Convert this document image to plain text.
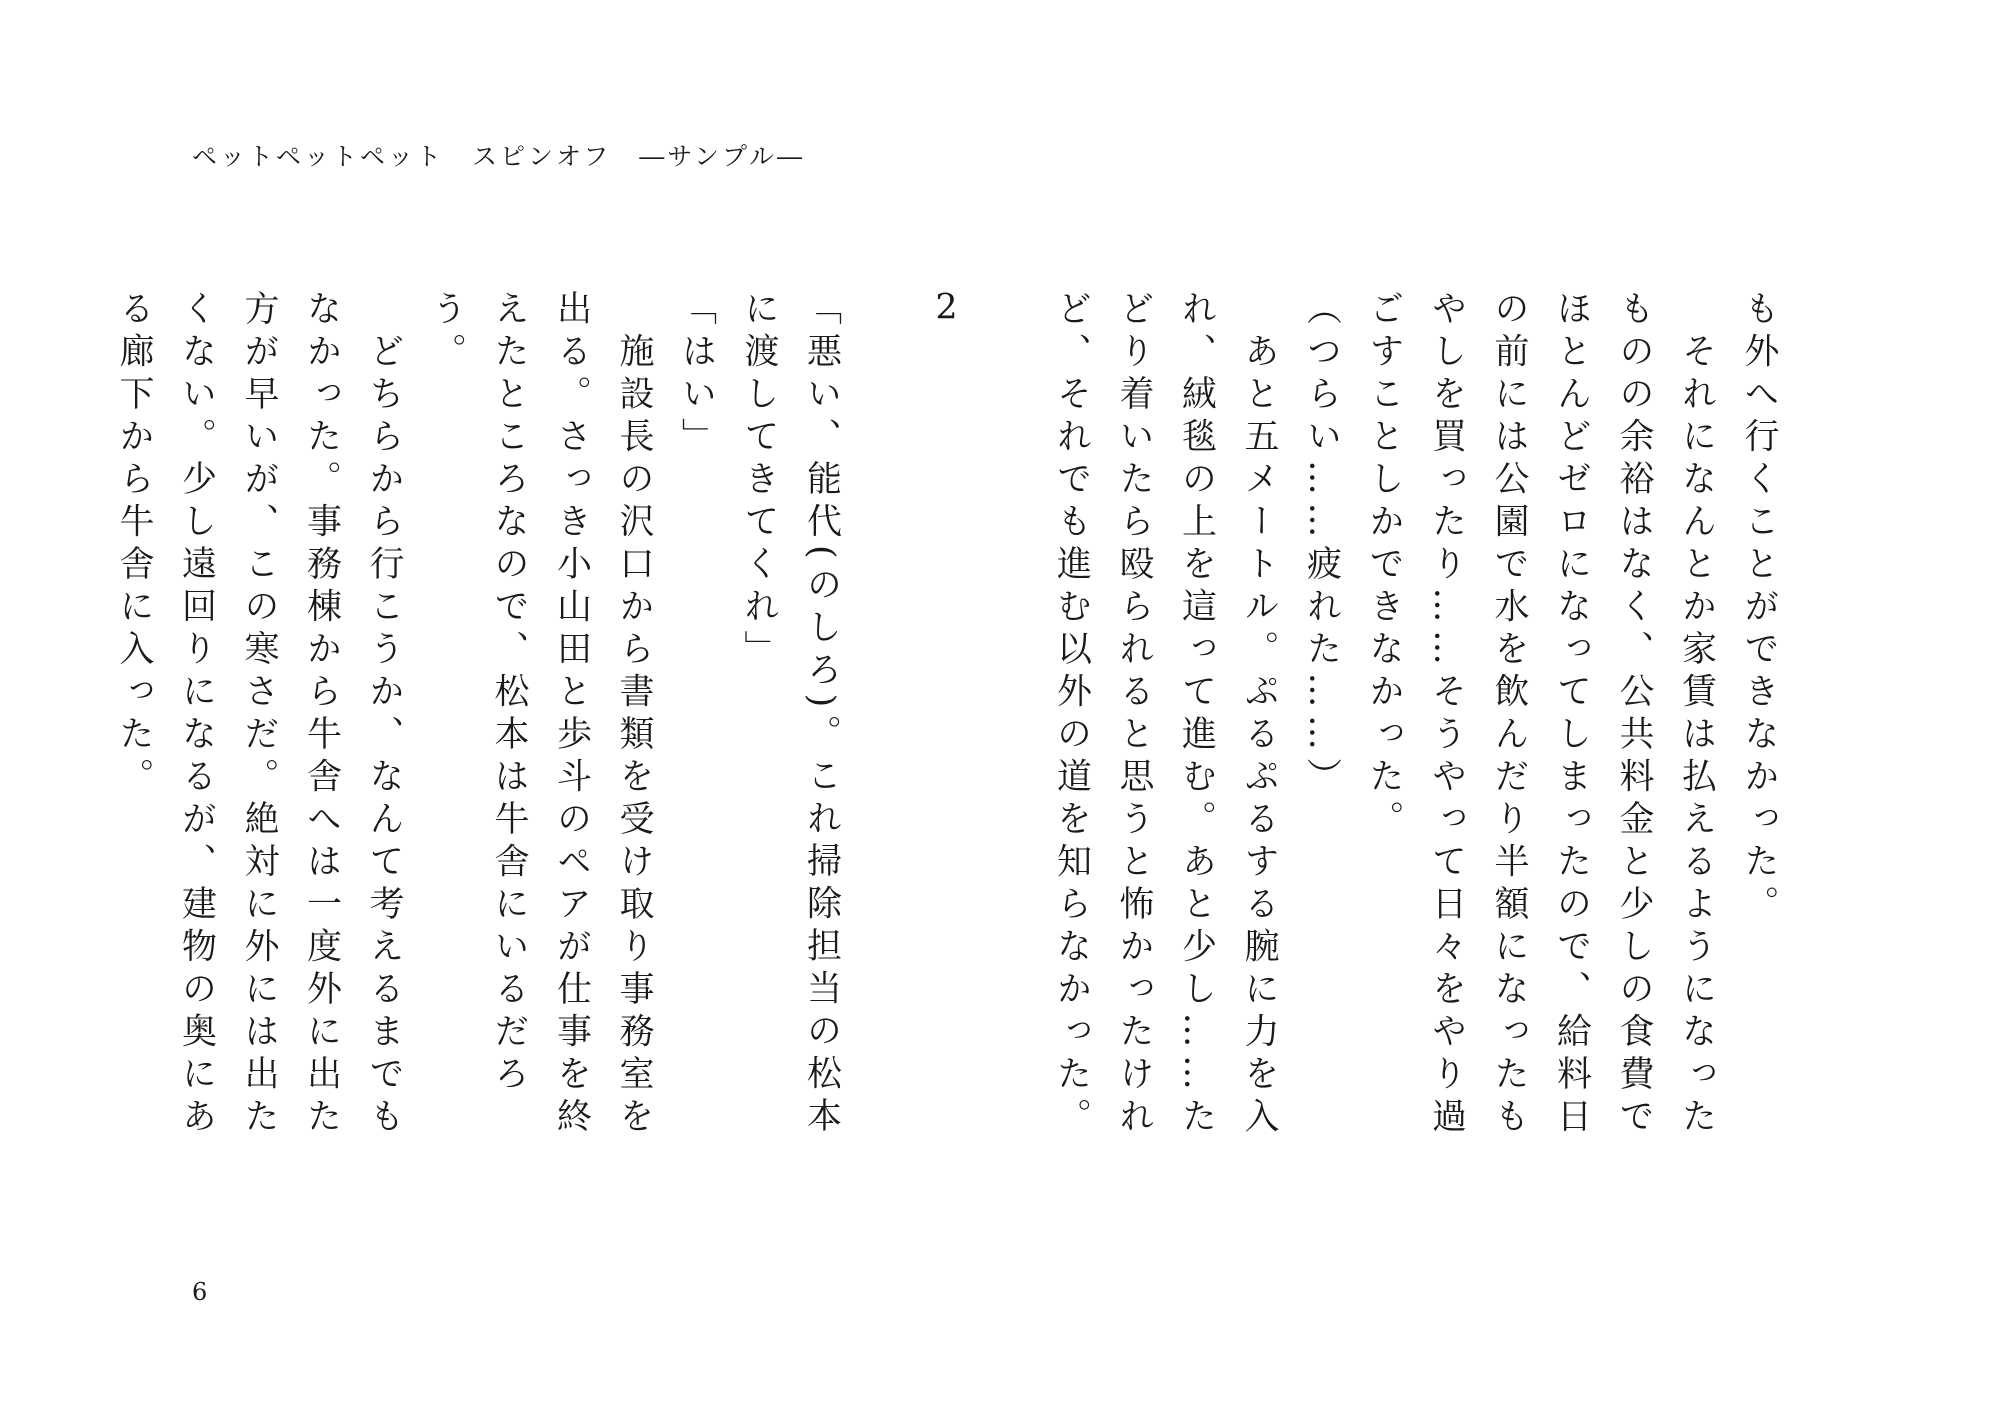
ペットペットペット　スピンオフ　―サンプル―

も外へ行くことができなかった。

　それになんとか家賃は払えるようになったものの余裕はなく、公共料金と少しの食費でほとんどゼロになってしまったので、給料日の前には公園で水を飲んだり半額になったもやしを買ったり……そうやって日々をやり過ごすことしかできなかった。

（つらい……疲れた……）

　あと五メートル。ぷるぷるする腕に力を入れ、絨毯の上を這って進む。あと少し……たどり着いたら殴られると思うと怖かったけれど、それでも進む以外の道を知らなかった。

2

「悪い、能代(のしろ)。これ掃除担当の松本に渡してきてくれ」

「はい」

　施設長の沢口から書類を受け取り事務室を出る。さっき小山田と歩斗のペアが仕事を終えたところなので、松本は牛舎にいるだろう。

　どちらから行こうか、なんて考えるまでもなかった。事務棟から牛舎へは一度外に出た方が早いが、この寒さだ。絶対に外には出たくない。少し遠回りになるが、建物の奥にある廊下から牛舎に入った。

6
